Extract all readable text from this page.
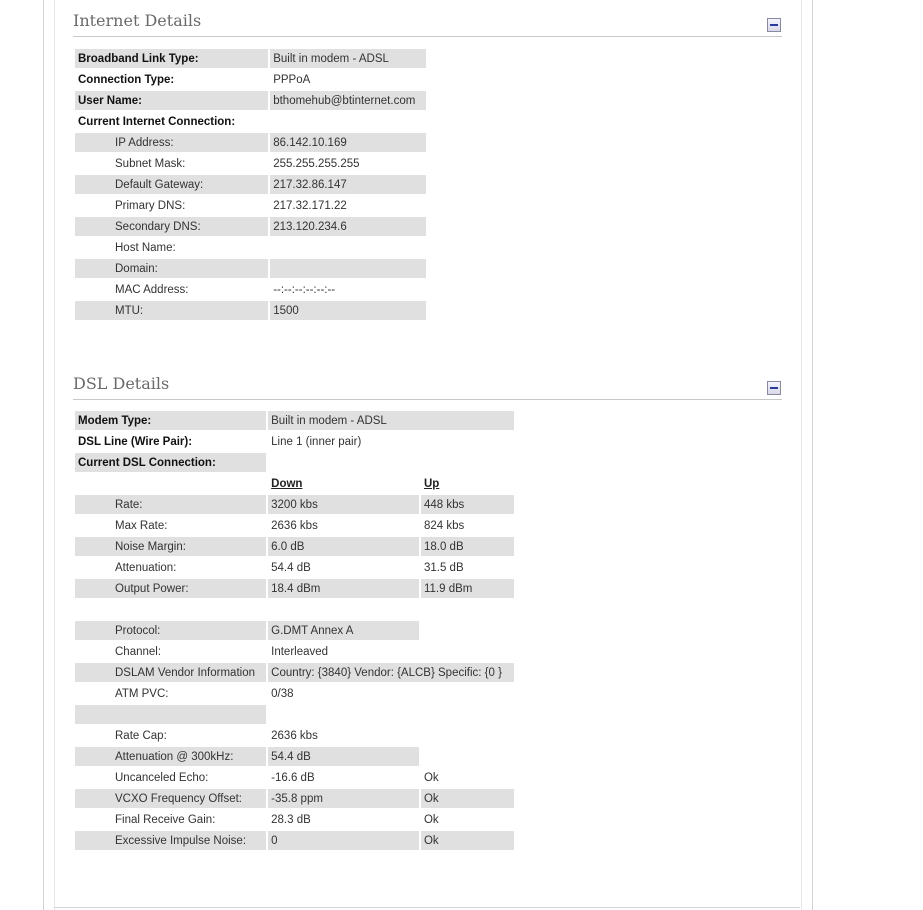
Internet Details
Broadband Link Type:	Built in modem - ADSL
Connection Type:	PPPoA
User Name:	bthomehub@btinternet.com
Current Internet Connection:	
IP Address:	86.142.10.169
Subnet Mask:	255.255.255.255
Default Gateway:	217.32.86.147
Primary DNS:	217.32.171.22
Secondary DNS:	213.120.234.6
Host Name:	
Domain:	
MAC Address:	--:--:--:--:--:--
MTU:	1500
DSL Details
Modem Type:	Built in modem - ADSL	
DSL Line (Wire Pair):	Line 1 (inner pair)	
Current DSL Connection:		
	Down	Up
Rate:	3200 kbs	448 kbs
Max Rate:	2636 kbs	824 kbs
Noise Margin:	6.0 dB	18.0 dB
Attenuation:	54.4 dB	31.5 dB
Output Power:	18.4 dBm	11.9 dBm

Protocol:	G.DMT Annex A	
Channel:	Interleaved	
DSLAM Vendor Information	Country: {3840} Vendor: {ALCB} Specific: {0 }	
ATM PVC:	0/38	

Rate Cap:	2636 kbs	
Attenuation @ 300kHz:	54.4 dB	
Uncanceled Echo:	-16.6 dB	Ok
VCXO Frequency Offset:	-35.8 ppm	Ok
Final Receive Gain:	28.3 dB	Ok
Excessive Impulse Noise:	0	Ok
